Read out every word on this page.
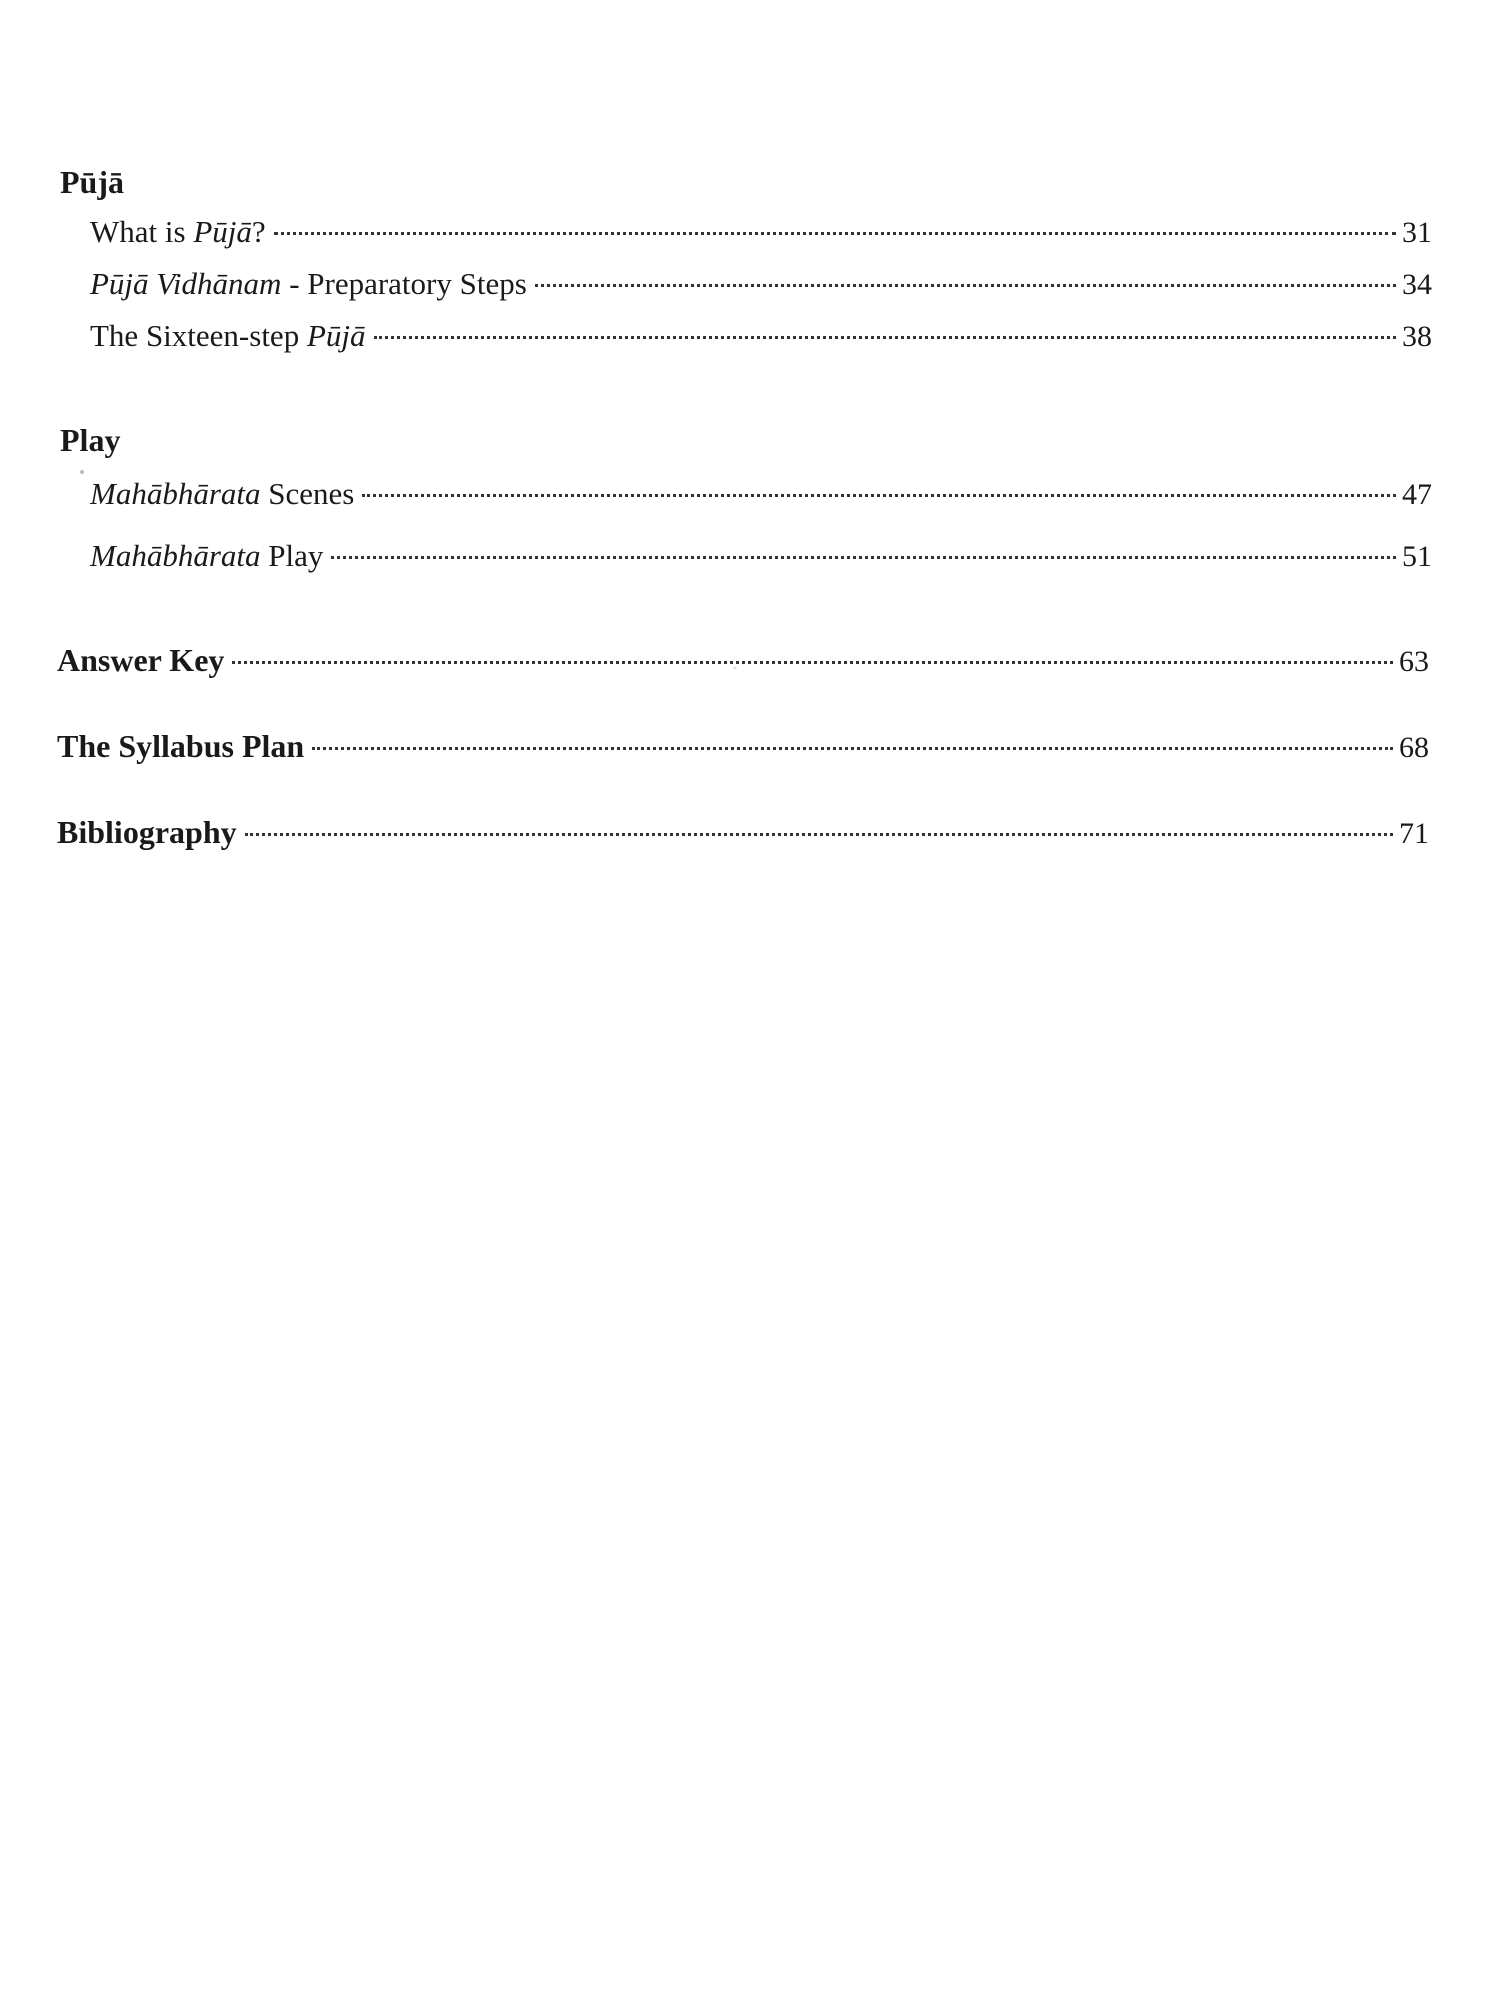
Pūjā
What is Pūjā?	31
Pūjā Vidhānam - Preparatory Steps	34
The Sixteen-step Pūjā	38
Play
Mahābhārata Scenes	47
Mahābhārata Play	51
Answer Key	63
The Syllabus Plan	68
Bibliography	71
